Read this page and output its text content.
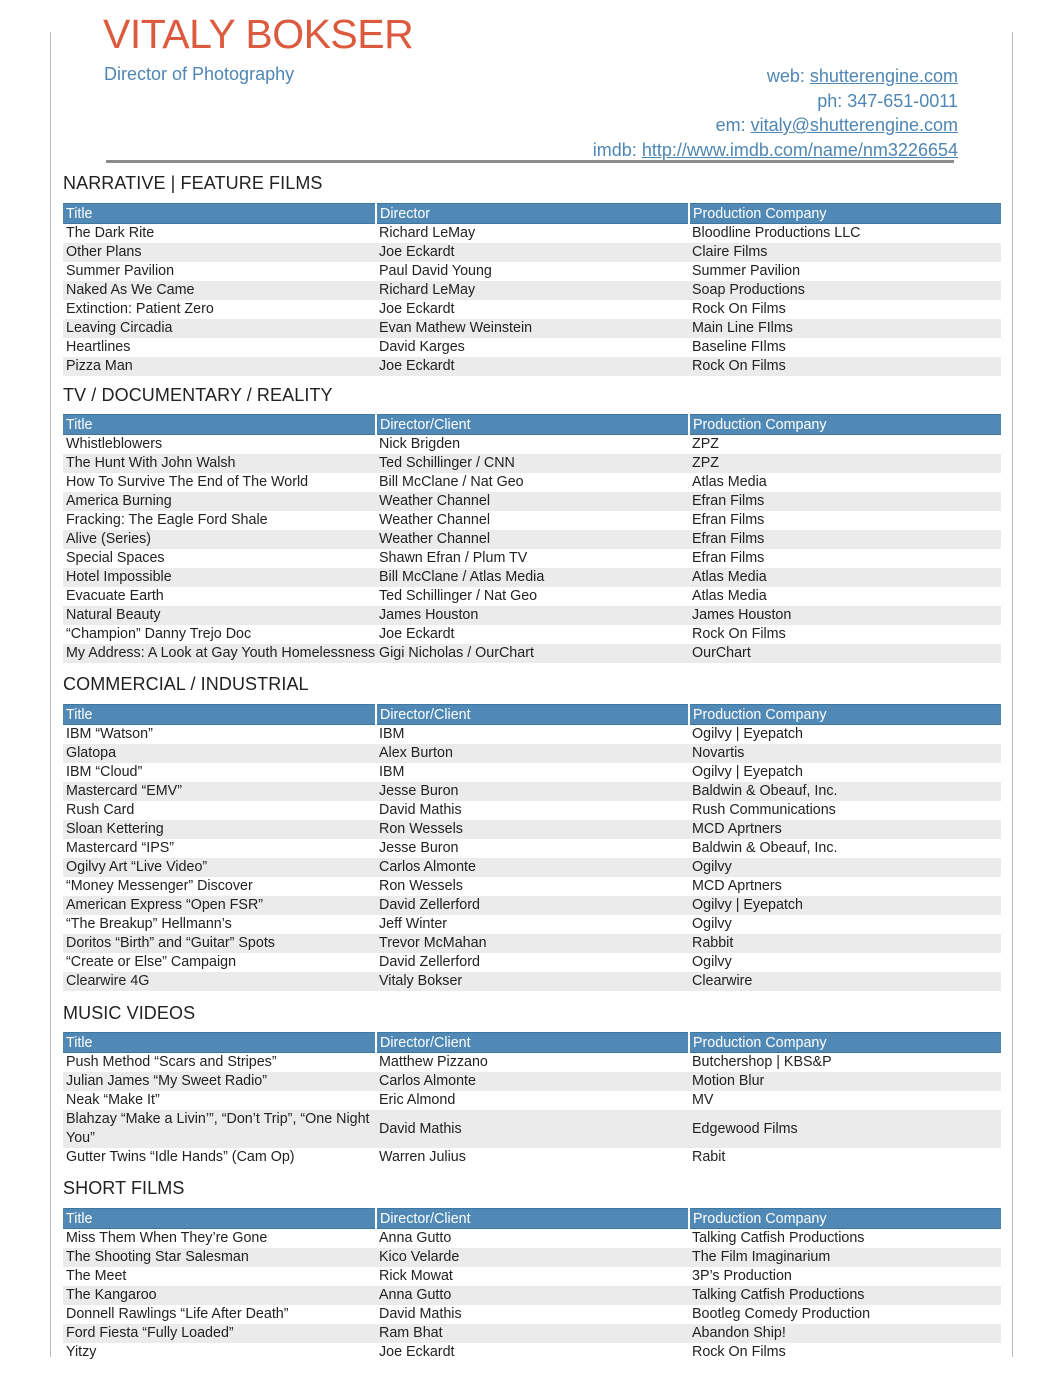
VITALY BOKSER
Director of Photography	web: shutterengine.com
ph: 347-651-0011
em: vitaly@shutterengine.com
imdb: http://www.imdb.com/name/nm3226654
NARRATIVE | FEATURE FILMS
Title	Director	Production Company
The Dark Rite	Richard LeMay	Bloodline Productions LLC
Other Plans	Joe Eckardt	Claire Films
Summer Pavilion	Paul David Young	Summer Pavilion
Naked As We Came	Richard LeMay	Soap Productions
Extinction: Patient Zero	Joe Eckardt	Rock On Films
Leaving Circadia	Evan Mathew Weinstein	Main Line FIlms
Heartlines	David Karges	Baseline FIlms
Pizza Man	Joe Eckardt	Rock On Films
TV / DOCUMENTARY / REALITY
Title	Director/Client	Production Company
Whistleblowers	Nick Brigden	ZPZ
The Hunt With John Walsh	Ted Schillinger / CNN	ZPZ
How To Survive The End of The World	Bill McClane / Nat Geo	Atlas Media
America Burning	Weather Channel	Efran Films
Fracking: The Eagle Ford Shale	Weather Channel	Efran Films
Alive (Series)	Weather Channel	Efran Films
Special Spaces	Shawn Efran / Plum TV	Efran Films
Hotel Impossible	Bill McClane / Atlas Media	Atlas Media
Evacuate Earth	Ted Schillinger / Nat Geo	Atlas Media
Natural Beauty	James Houston	James Houston
“Champion” Danny Trejo Doc	Joe Eckardt	Rock On Films
My Address: A Look at Gay Youth Homelessness	Gigi Nicholas / OurChart	OurChart
COMMERCIAL / INDUSTRIAL
Title	Director/Client	Production Company
IBM “Watson”	IBM	Ogilvy | Eyepatch
Glatopa	Alex Burton	Novartis
IBM “Cloud”	IBM	Ogilvy | Eyepatch
Mastercard “EMV”	Jesse Buron	Baldwin & Obeauf, Inc.
Rush Card	David Mathis	Rush Communications
Sloan Kettering	Ron Wessels	MCD Aprtners
Mastercard “IPS”	Jesse Buron	Baldwin & Obeauf, Inc.
Ogilvy Art “Live Video”	Carlos Almonte	Ogilvy
“Money Messenger” Discover	Ron Wessels	MCD Aprtners
American Express “Open FSR”	David Zellerford	Ogilvy | Eyepatch
“The Breakup” Hellmann’s	Jeff Winter	Ogilvy
Doritos “Birth” and “Guitar” Spots	Trevor McMahan	Rabbit
“Create or Else” Campaign	David Zellerford	Ogilvy
Clearwire 4G	Vitaly Bokser	Clearwire
MUSIC VIDEOS
Title	Director/Client	Production Company
Push Method “Scars and Stripes”	Matthew Pizzano	Butchershop | KBS&P
Julian James “My Sweet Radio”	Carlos Almonte	Motion Blur
Neak “Make It”	Eric Almond	MV
Blahzay “Make a Livin’”, “Don’t Trip”, “One Night You”	David Mathis	Edgewood Films
Gutter Twins “Idle Hands” (Cam Op)	Warren Julius	Rabit
SHORT FILMS
Title	Director/Client	Production Company
Miss Them When They’re Gone	Anna Gutto	Talking Catfish Productions
The Shooting Star Salesman	Kico Velarde	The Film Imaginarium
The Meet	Rick Mowat	3P’s Production
The Kangaroo	Anna Gutto	Talking Catfish Productions
Donnell Rawlings “Life After Death”	David Mathis	Bootleg Comedy Production
Ford Fiesta “Fully Loaded”	Ram Bhat	Abandon Ship!
Yitzy	Joe Eckardt	Rock On Films
